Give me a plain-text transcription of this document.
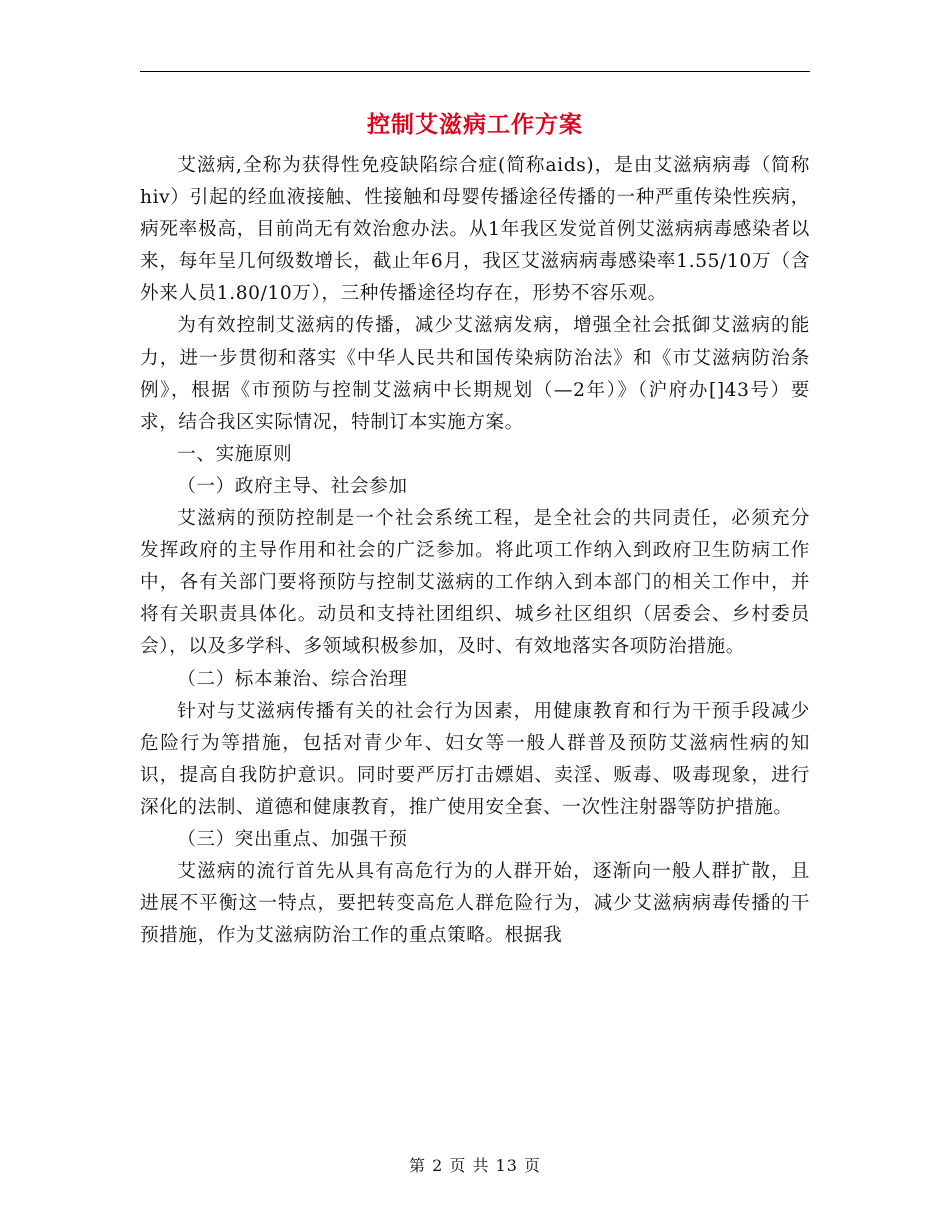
控制艾滋病工作方案

艾滋病,全称为获得性免疫缺陷综合症(简称aids)，是由艾滋病病毒（简称hiv）引起的经血液接触、性接触和母婴传播途径传播的一种严重传染性疾病，病死率极高，目前尚无有效治愈办法。从1年我区发觉首例艾滋病病毒感染者以来，每年呈几何级数增长，截止年6月，我区艾滋病病毒感染率1.55/10万（含外来人员1.80/10万），三种传播途径均存在，形势不容乐观。

为有效控制艾滋病的传播，减少艾滋病发病，增强全社会抵御艾滋病的能力，进一步贯彻和落实《中华人民共和国传染病防治法》和《市艾滋病防治条例》，根据《市预防与控制艾滋病中长期规划（—2年）》（沪府办[]43号）要求，结合我区实际情况，特制订本实施方案。

一、实施原则

（一）政府主导、社会参加

艾滋病的预防控制是一个社会系统工程，是全社会的共同责任，必须充分发挥政府的主导作用和社会的广泛参加。将此项工作纳入到政府卫生防病工作中，各有关部门要将预防与控制艾滋病的工作纳入到本部门的相关工作中，并将有关职责具体化。动员和支持社团组织、城乡社区组织（居委会、乡村委员会），以及多学科、多领域积极参加，及时、有效地落实各项防治措施。

（二）标本兼治、综合治理

针对与艾滋病传播有关的社会行为因素，用健康教育和行为干预手段减少危险行为等措施，包括对青少年、妇女等一般人群普及预防艾滋病性病的知识，提高自我防护意识。同时要严厉打击嫖娼、卖淫、贩毒、吸毒现象，进行深化的法制、道德和健康教育，推广使用安全套、一次性注射器等防护措施。

（三）突出重点、加强干预

艾滋病的流行首先从具有高危行为的人群开始，逐渐向一般人群扩散，且进展不平衡这一特点，要把转变高危人群危险行为，减少艾滋病病毒传播的干预措施，作为艾滋病防治工作的重点策略。根据我

第 2 页 共 13 页
